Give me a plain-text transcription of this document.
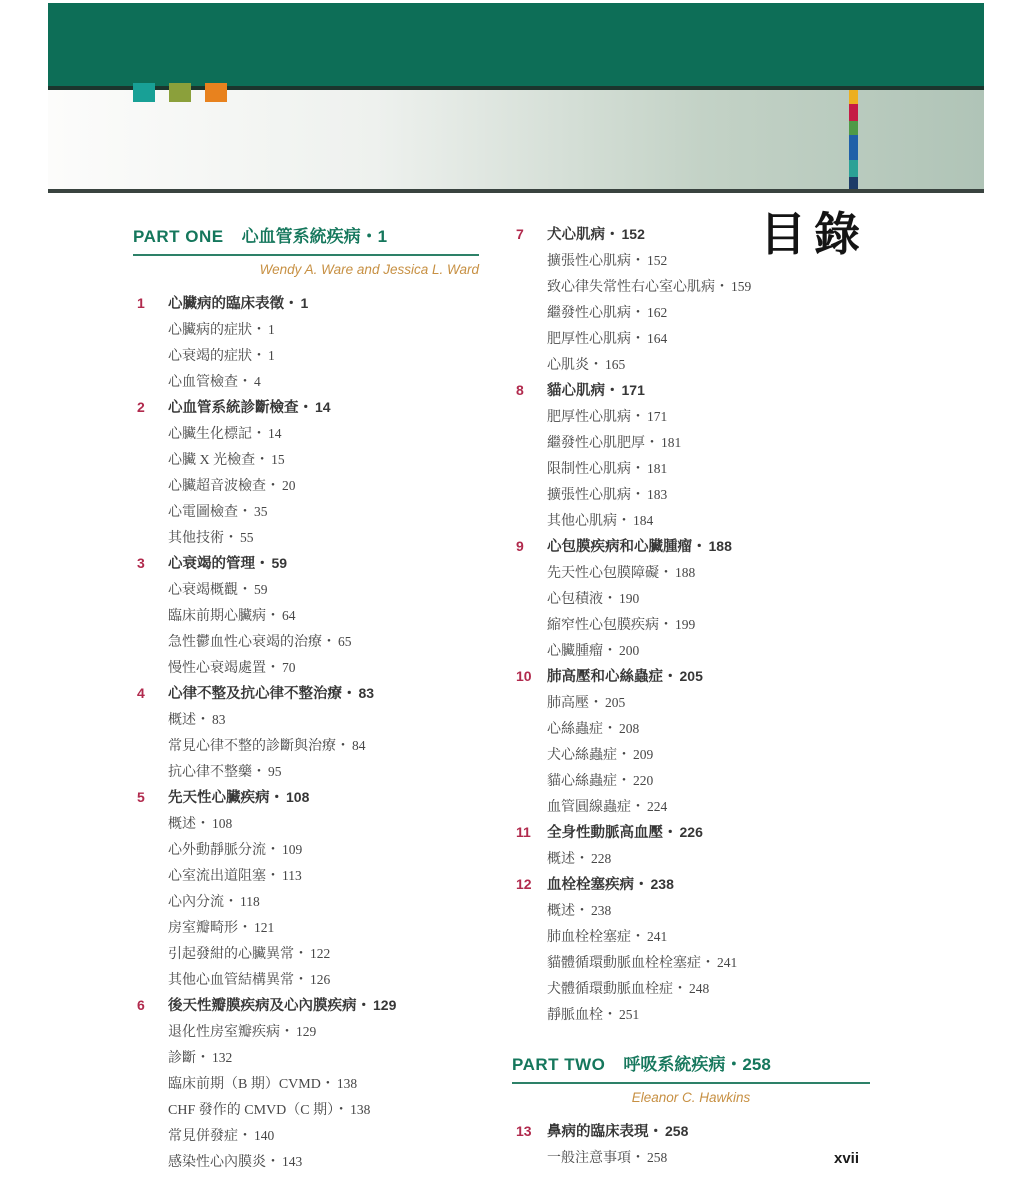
目錄
PART ONE 心血管系統疾病・1
Wendy A. Ware and Jessica L. Ward
1	心臟病的臨床表徵・ 1
心臟病的症狀・ 1
心衰竭的症狀・ 1
心血管檢查・ 4
2	心血管系統診斷檢查・ 14
心臟生化標記・ 14
心臟 X 光檢查・ 15
心臟超音波檢查・ 20
心電圖檢查・ 35
其他技術・ 55
3	心衰竭的管理・ 59
心衰竭概觀・ 59
臨床前期心臟病・ 64
急性鬱血性心衰竭的治療・ 65
慢性心衰竭處置・ 70
4	心律不整及抗心律不整治療・ 83
概述・ 83
常見心律不整的診斷與治療・ 84
抗心律不整藥・ 95
5	先天性心臟疾病・ 108
概述・ 108
心外動靜脈分流・ 109
心室流出道阻塞・ 113
心內分流・ 118
房室瓣畸形・ 121
引起發紺的心臟異常・ 122
其他心血管結構異常・ 126
6	後天性瓣膜疾病及心內膜疾病・ 129
退化性房室瓣疾病・ 129
診斷・ 132
臨床前期（B 期）CVMD・ 138
CHF 發作的 CMVD（C 期）・ 138
常見併發症・ 140
感染性心內膜炎・ 143
7	犬心肌病・ 152
擴張性心肌病・ 152
致心律失常性右心室心肌病・ 159
繼發性心肌病・ 162
肥厚性心肌病・ 164
心肌炎・ 165
8	貓心肌病・ 171
肥厚性心肌病・ 171
繼發性心肌肥厚・ 181
限制性心肌病・ 181
擴張性心肌病・ 183
其他心肌病・ 184
9	心包膜疾病和心臟腫瘤・ 188
先天性心包膜障礙・ 188
心包積液・ 190
縮窄性心包膜疾病・ 199
心臟腫瘤・ 200
10	肺高壓和心絲蟲症・ 205
肺高壓・ 205
心絲蟲症・ 208
犬心絲蟲症・ 209
貓心絲蟲症・ 220
血管圓線蟲症・ 224
11	全身性動脈高血壓・ 226
概述・ 228
12	血栓栓塞疾病・ 238
概述・ 238
肺血栓栓塞症・ 241
貓體循環動脈血栓栓塞症・ 241
犬體循環動脈血栓症・ 248
靜脈血栓・ 251
PART TWO 呼吸系統疾病・258
Eleanor C. Hawkins
13	鼻病的臨床表現・ 258
一般注意事項・ 258	xvii
